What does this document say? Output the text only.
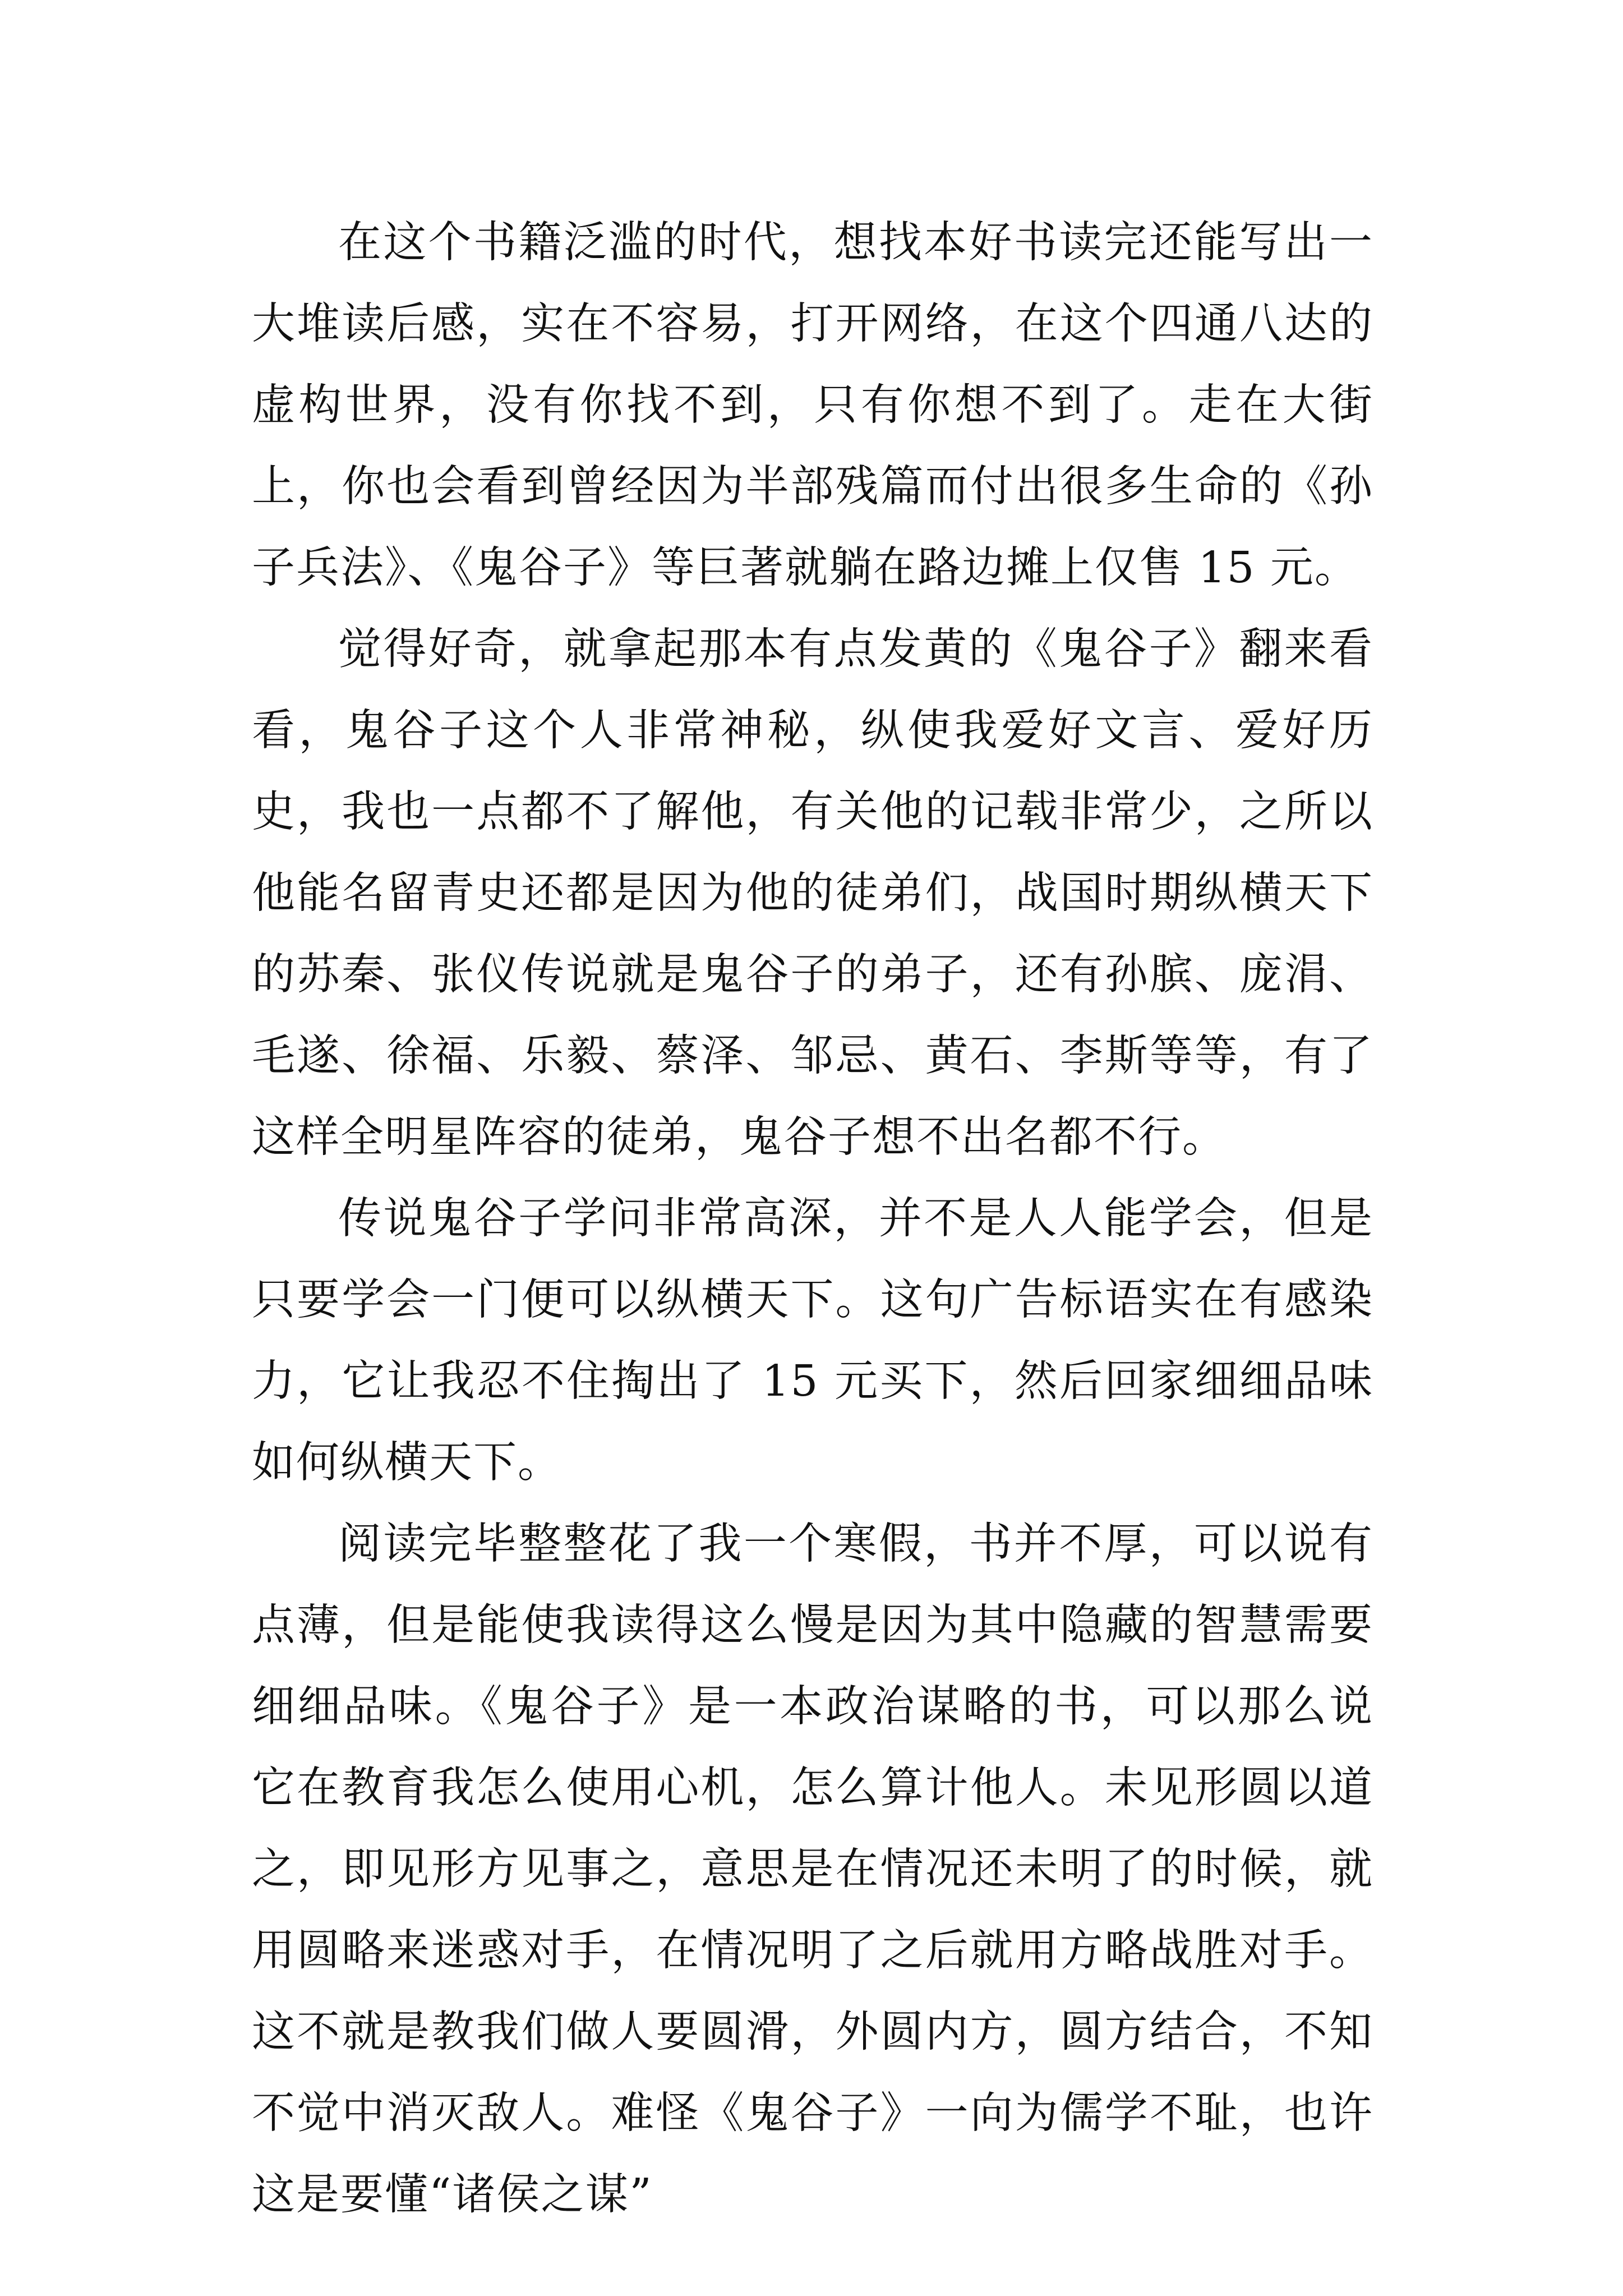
在这个书籍泛滥的时代，想找本好书读完还能写出一大堆读后感，实在不容易，打开网络，在这个四通八达的虚构世界，没有你找不到，只有你想不到了。走在大街上，你也会看到曾经因为半部残篇而付出很多生命的《孙子兵法》、《鬼谷子》等巨著就躺在路边摊上仅售 15 元。

觉得好奇，就拿起那本有点发黄的《鬼谷子》翻来看看，鬼谷子这个人非常神秘，纵使我爱好文言、爱好历史，我也一点都不了解他，有关他的记载非常少，之所以他能名留青史还都是因为他的徒弟们，战国时期纵横天下的苏秦、张仪传说就是鬼谷子的弟子，还有孙膑、庞涓、毛遂、徐福、乐毅、蔡泽、邹忌、黄石、李斯等等，有了这样全明星阵容的徒弟，鬼谷子想不出名都不行。

传说鬼谷子学问非常高深，并不是人人能学会，但是只要学会一门便可以纵横天下。这句广告标语实在有感染力，它让我忍不住掏出了 15 元买下，然后回家细细品味如何纵横天下。

阅读完毕整整花了我一个寒假，书并不厚，可以说有点薄，但是能使我读得这么慢是因为其中隐藏的智慧需要细细品味。《鬼谷子》是一本政治谋略的书，可以那么说它在教育我怎么使用心机，怎么算计他人。未见形圆以道之，即见形方见事之，意思是在情况还未明了的时候，就用圆略来迷惑对手，在情况明了之后就用方略战胜对手。这不就是教我们做人要圆滑，外圆内方，圆方结合，不知不觉中消灭敌人。难怪《鬼谷子》一向为儒学不耻，也许这是要懂“诸侯之谋”
